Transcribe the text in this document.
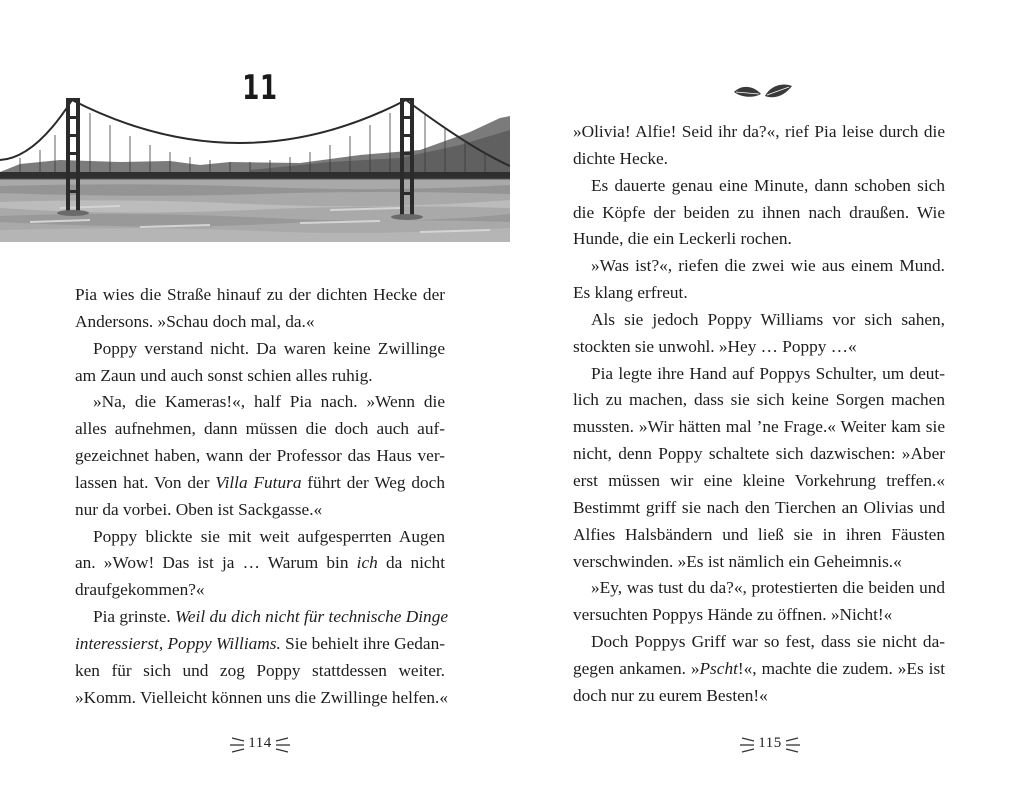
11
Pia wies die Straße hinauf zu der dichten Hecke der
Andersons. »Schau doch mal, da.«
Poppy verstand nicht. Da waren keine Zwillinge
am Zaun und auch sonst schien alles ruhig.
»Na, die Kameras!«, half Pia nach. »Wenn die
alles aufnehmen, dann müssen die doch auch auf-
gezeichnet haben, wann der Professor das Haus ver-
lassen hat. Von der Villa Futura führt der Weg doch
nur da vorbei. Oben ist Sackgasse.«
Poppy blickte sie mit weit aufgesperrten Augen
an. »Wow! Das ist ja … Warum bin ich da nicht
draufgekommen?«
Pia grinste. Weil du dich nicht für technische Dinge
interessierst, Poppy Williams. Sie behielt ihre Gedan-
ken für sich und zog Poppy stattdessen weiter.
»Komm. Vielleicht können uns die Zwillinge helfen.«
114
»Olivia! Alfie! Seid ihr da?«, rief Pia leise durch die
dichte Hecke.
Es dauerte genau eine Minute, dann schoben sich
die Köpfe der beiden zu ihnen nach draußen. Wie
Hunde, die ein Leckerli rochen.
»Was ist?«, riefen die zwei wie aus einem Mund.
Es klang erfreut.
Als sie jedoch Poppy Williams vor sich sahen,
stockten sie unwohl. »Hey … Poppy …«
Pia legte ihre Hand auf Poppys Schulter, um deut-
lich zu machen, dass sie sich keine Sorgen machen
mussten. »Wir hätten mal ’ne Frage.« Weiter kam sie
nicht, denn Poppy schaltete sich dazwischen: »Aber
erst müssen wir eine kleine Vorkehrung treffen.«
Bestimmt griff sie nach den Tierchen an Olivias und
Alfies Halsbändern und ließ sie in ihren Fäusten
verschwinden. »Es ist nämlich ein Geheimnis.«
»Ey, was tust du da?«, protestierten die beiden und
versuchten Poppys Hände zu öffnen. »Nicht!«
Doch Poppys Griff war so fest, dass sie nicht da-
gegen ankamen. »Pscht!«, machte die zudem. »Es ist
doch nur zu eurem Besten!«
115
